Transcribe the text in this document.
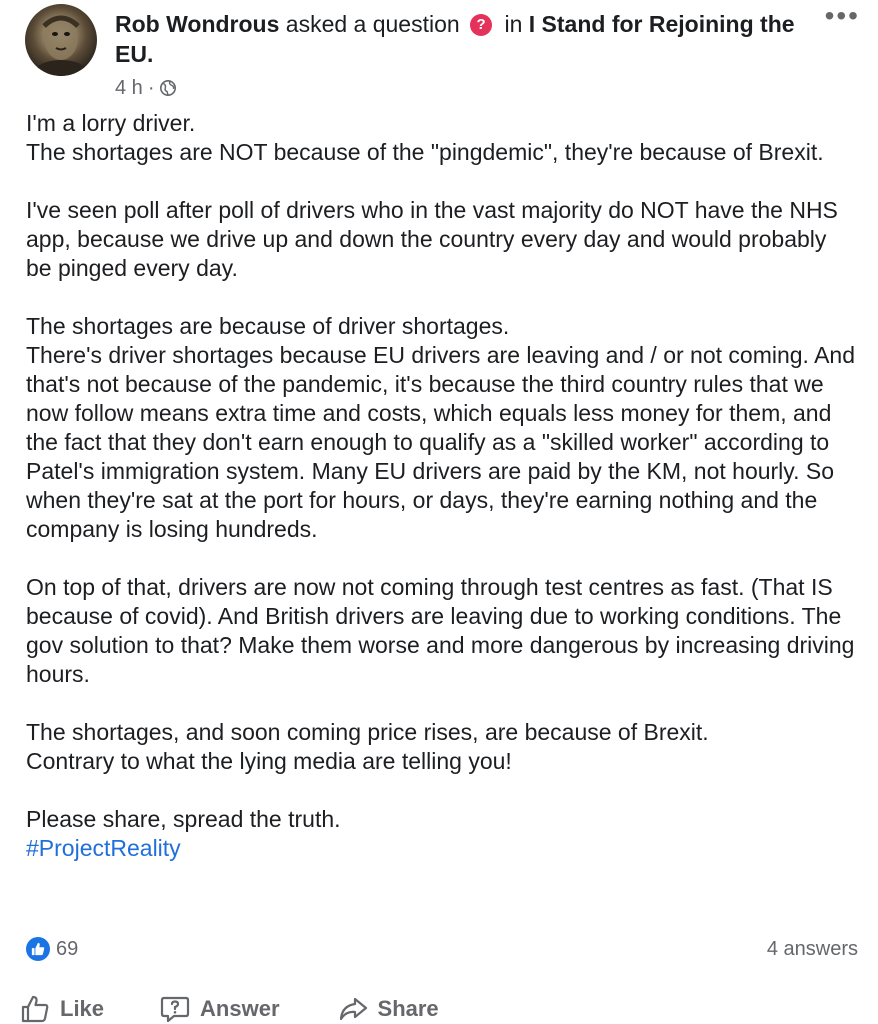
Rob Wondrous asked a question ? in I Stand for Rejoining the EU.
•••
4 h ·

I'm a lorry driver.
The shortages are NOT because of the "pingdemic", they're because of Brexit.

I've seen poll after poll of drivers who in the vast majority do NOT have the NHS app, because we drive up and down the country every day and would probably be pinged every day.

The shortages are because of driver shortages.
There's driver shortages because EU drivers are leaving and / or not coming. And that's not because of the pandemic, it's because the third country rules that we now follow means extra time and costs, which equals less money for them, and the fact that they don't earn enough to qualify as a "skilled worker" according to Patel's immigration system. Many EU drivers are paid by the KM, not hourly. So when they're sat at the port for hours, or days, they're earning nothing and the company is losing hundreds.

On top of that, drivers are now not coming through test centres as fast. (That IS because of covid). And British drivers are leaving due to working conditions. The gov solution to that? Make them worse and more dangerous by increasing driving hours.

The shortages, and soon coming price rises, are because of Brexit.
Contrary to what the lying media are telling you!

Please share, spread the truth.

#ProjectReality

69	4 answers
Like	Answer	Share
